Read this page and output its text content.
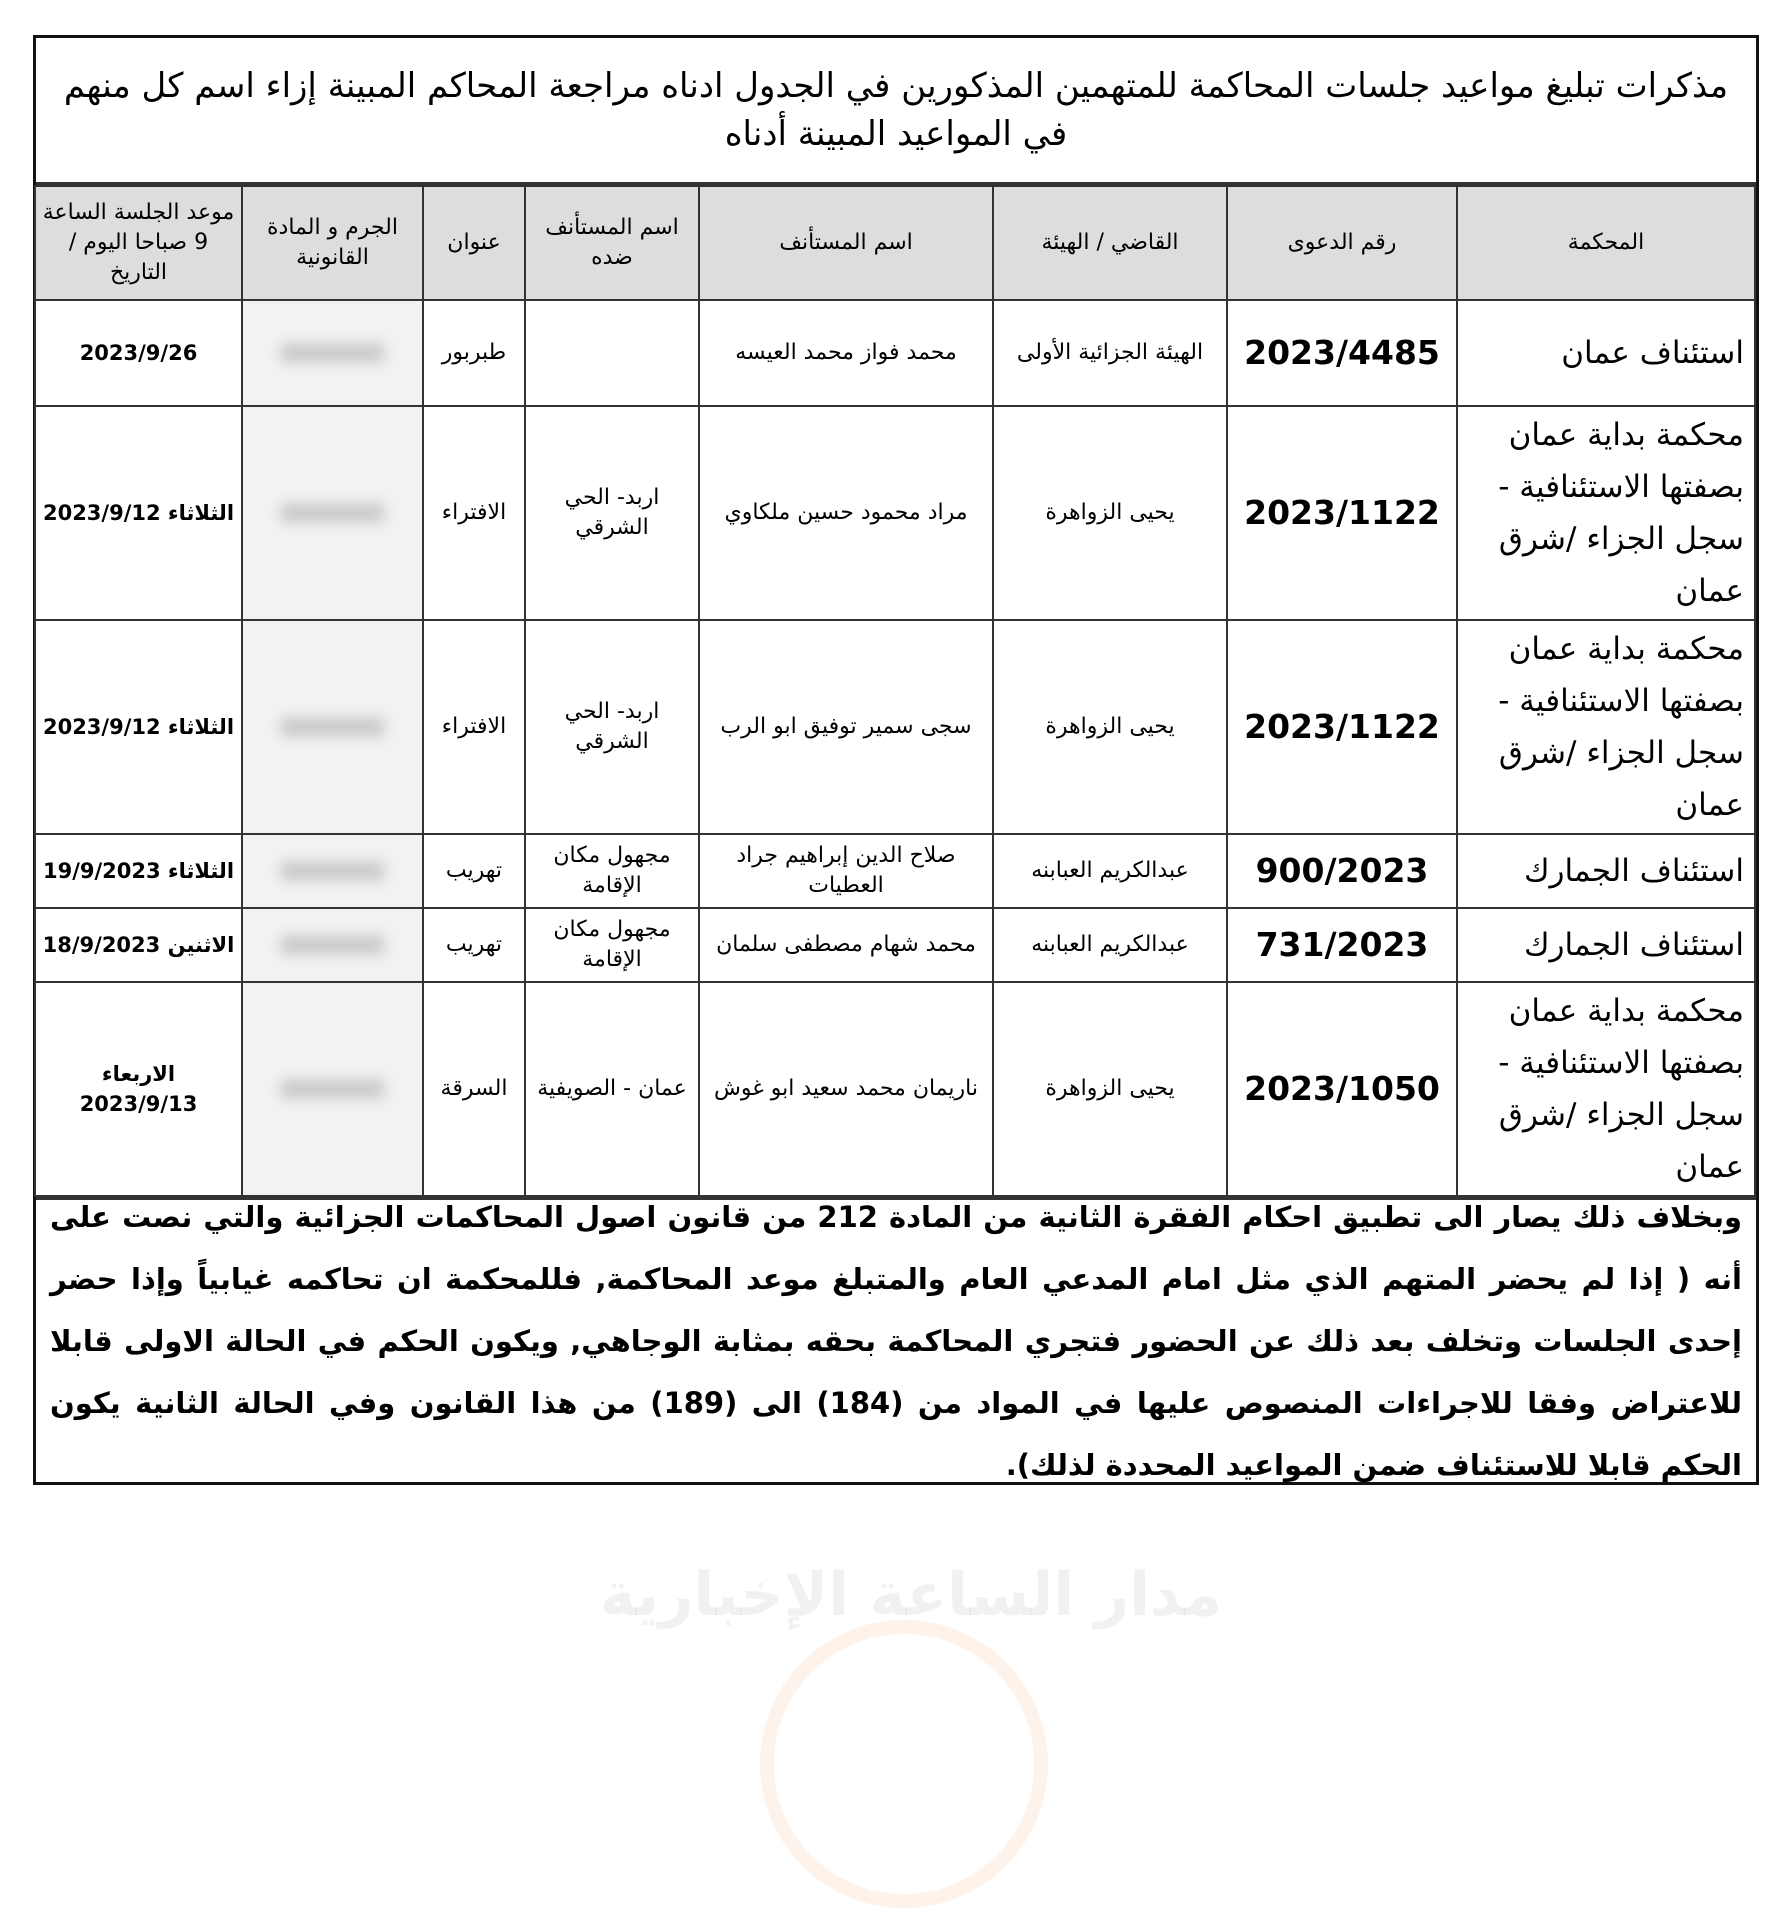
مذكرات تبليغ مواعيد جلسات المحاكمة للمتهمين المذكورين في الجدول ادناه مراجعة المحاكم المبينة إزاء اسم كل منهم في المواعيد المبينة أدناه
المحكمة	رقم الدعوى	القاضي / الهيئة	اسم المستأنف	اسم المستأنف ضده	عنوان	الجرم و المادة القانونية	موعد الجلسة الساعة 9 صباحا اليوم / التاريخ
استئناف عمان	2023/4485	الهيئة الجزائية الأولى	محمد فواز محمد العيسه		طبربور		2023/9/26
محكمة بداية عمان بصفتها الاستئنافية - سجل الجزاء /شرق عمان	2023/1122	يحيى الزواهرة	مراد محمود حسين ملكاوي	اربد- الحي الشرقي	الافتراء		الثلاثاء 2023/9/12
محكمة بداية عمان بصفتها الاستئنافية - سجل الجزاء /شرق عمان	2023/1122	يحيى الزواهرة	سجى سمير توفيق ابو الرب	اربد- الحي الشرقي	الافتراء		الثلاثاء 2023/9/12
استئناف الجمارك	900/2023	عبدالكريم العبابنه	صلاح الدين إبراهيم جراد العطيات	مجهول مكان الإقامة	تهريب		الثلاثاء 19/9/2023
استئناف الجمارك	731/2023	عبدالكريم العبابنه	محمد شهام مصطفى سلمان	مجهول مكان الإقامة	تهريب		الاثنين 18/9/2023
محكمة بداية عمان بصفتها الاستئنافية - سجل الجزاء /شرق عمان	2023/1050	يحيى الزواهرة	ناريمان محمد سعيد ابو غوش	عمان - الصويفية	السرقة		الاربعاء 2023/9/13
وبخلاف ذلك يصار الى تطبيق احكام الفقرة الثانية من المادة 212 من قانون اصول المحاكمات الجزائية والتي نصت على أنه ( إذا لم يحضر المتهم الذي مثل امام المدعي العام والمتبلغ موعد المحاكمة, فللمحكمة ان تحاكمه غيابياً وإذا حضر إحدى الجلسات وتخلف بعد ذلك عن الحضور فتجري المحاكمة بحقه بمثابة الوجاهي, ويكون الحكم في الحالة الاولى قابلا للاعتراض وفقا للاجراءات المنصوص عليها في المواد من (184) الى (189) من هذا القانون وفي الحالة الثانية يكون الحكم قابلا للاستئناف ضمن المواعيد المحددة لذلك).
مدار الساعة الإخبارية
